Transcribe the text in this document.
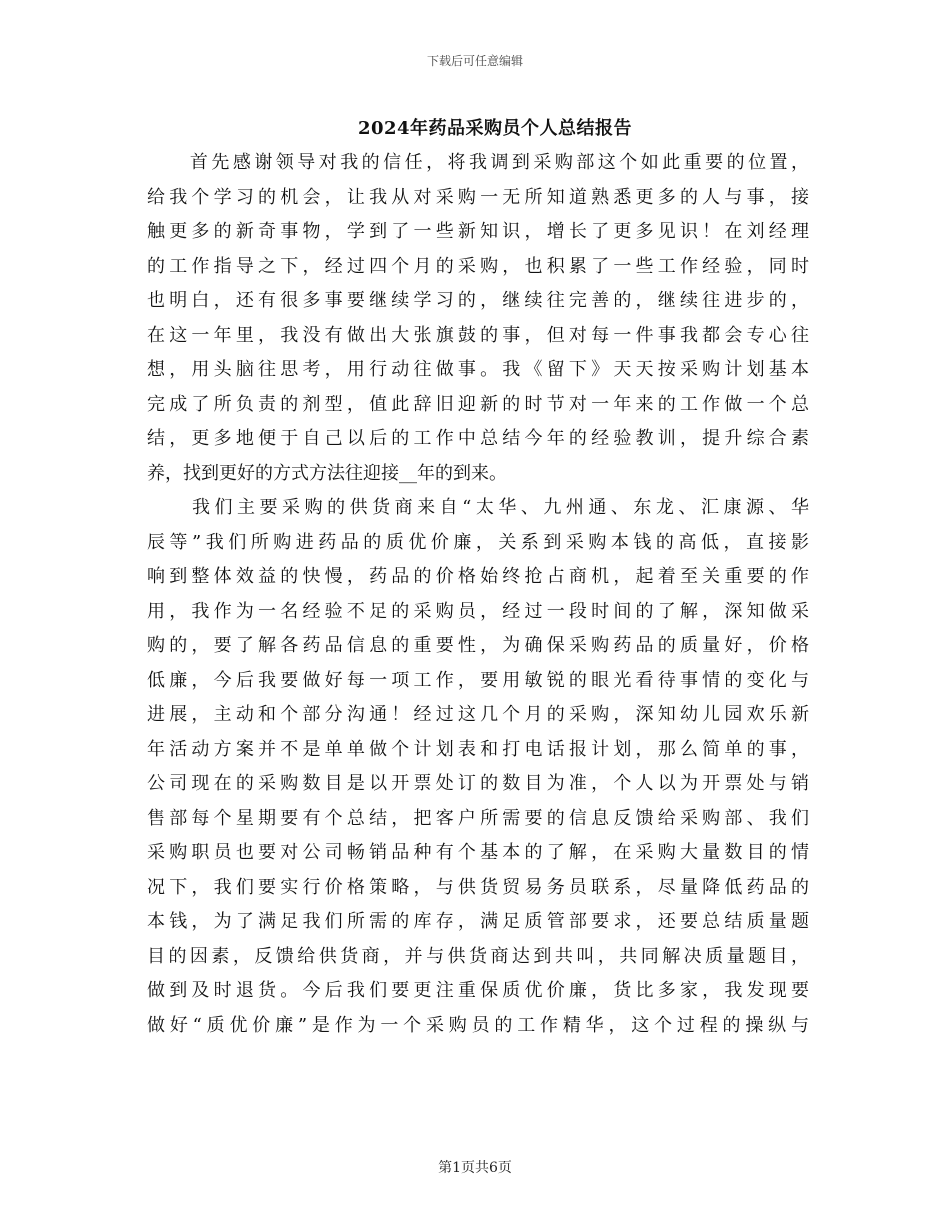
下载后可任意编辑
2024年药品采购员个人总结报告
　　首先感谢领导对我的信任，将我调到采购部这个如此重要的位置，
给我个学习的机会，让我从对采购一无所知道熟悉更多的人与事，接
触更多的新奇事物，学到了一些新知识，增长了更多见识！在刘经理
的工作指导之下，经过四个月的采购，也积累了一些工作经验，同时
也明白，还有很多事要继续学习的，继续往完善的，继续往进步的，
在这一年里，我没有做出大张旗鼓的事，但对每一件事我都会专心往
想，用头脑往思考，用行动往做事。我《留下》天天按采购计划基本
完成了所负责的剂型，值此辞旧迎新的时节对一年来的工作做一个总
结，更多地便于自己以后的工作中总结今年的经验教训，提升综合素
养，找到更好的方式方法往迎接__年的到来。
　　我们主要采购的供货商来自“太华、九州通、东龙、汇康源、华
辰等”我们所购进药品的质优价廉，关系到采购本钱的高低，直接影
响到整体效益的快慢，药品的价格始终抢占商机，起着至关重要的作
用，我作为一名经验不足的采购员，经过一段时间的了解，深知做采
购的，要了解各药品信息的重要性，为确保采购药品的质量好，价格
低廉，今后我要做好每一项工作，要用敏锐的眼光看待事情的变化与
进展，主动和个部分沟通！经过这几个月的采购，深知幼儿园欢乐新
年活动方案并不是单单做个计划表和打电话报计划，那么简单的事，
公司现在的采购数目是以开票处订的数目为准，个人以为开票处与销
售部每个星期要有个总结，把客户所需要的信息反馈给采购部、我们
采购职员也要对公司畅销品种有个基本的了解，在采购大量数目的情
况下，我们要实行价格策略，与供货贸易务员联系，尽量降低药品的
本钱，为了满足我们所需的库存，满足质管部要求，还要总结质量题
目的因素，反馈给供货商，并与供货商达到共叫，共同解决质量题目，
做到及时退货。今后我们要更注重保质优价廉，货比多家，我发现要
做好“质优价廉”是作为一个采购员的工作精华，这个过程的操纵与
第1页共6页
